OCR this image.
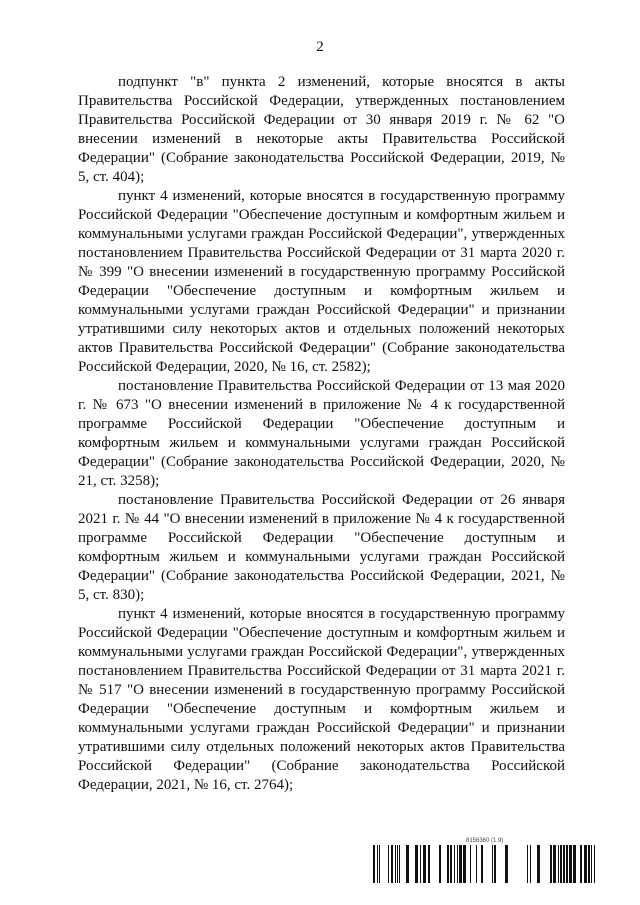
2

подпункт "в" пункта 2 изменений, которые вносятся в акты Правительства Российской Федерации, утвержденных постановлением Правительства Российской Федерации от 30 января 2019 г. № 62 "О внесении изменений в некоторые акты Правительства Российской Федерации" (Собрание законодательства Российской Федерации, 2019, № 5, ст. 404);

пункт 4 изменений, которые вносятся в государственную программу Российской Федерации "Обеспечение доступным и комфортным жильем и коммунальными услугами граждан Российской Федерации", утвержденных постановлением Правительства Российской Федерации от 31 марта 2020 г. № 399 "О внесении изменений в государственную программу Российской Федерации "Обеспечение доступным и комфортным жильем и коммунальными услугами граждан Российской Федерации" и признании утратившими силу некоторых актов и отдельных положений некоторых актов Правительства Российской Федерации" (Собрание законодательства Российской Федерации, 2020, № 16, ст. 2582);

постановление Правительства Российской Федерации от 13 мая 2020 г. № 673 "О внесении изменений в приложение № 4 к государственной программе Российской Федерации "Обеспечение доступным и комфортным жильем и коммунальными услугами граждан Российской Федерации" (Собрание законодательства Российской Федерации, 2020, № 21, ст. 3258);

постановление Правительства Российской Федерации от 26 января 2021 г. № 44 "О внесении изменений в приложение № 4 к государственной программе Российской Федерации "Обеспечение доступным и комфортным жильем и коммунальными услугами граждан Российской Федерации" (Собрание законодательства Российской Федерации, 2021, № 5, ст. 830);

пункт 4 изменений, которые вносятся в государственную программу Российской Федерации "Обеспечение доступным и комфортным жильем и коммунальными услугами граждан Российской Федерации", утвержденных постановлением Правительства Российской Федерации от 31 марта 2021 г. № 517 "О внесении изменений в государственную программу Российской Федерации "Обеспечение доступным и комфортным жильем и коммунальными услугами граждан Российской Федерации" и признании утратившими силу отдельных положений некоторых актов Правительства Российской Федерации" (Собрание законодательства Российской Федерации, 2021, № 16, ст. 2764);

8156360 (1.9)
